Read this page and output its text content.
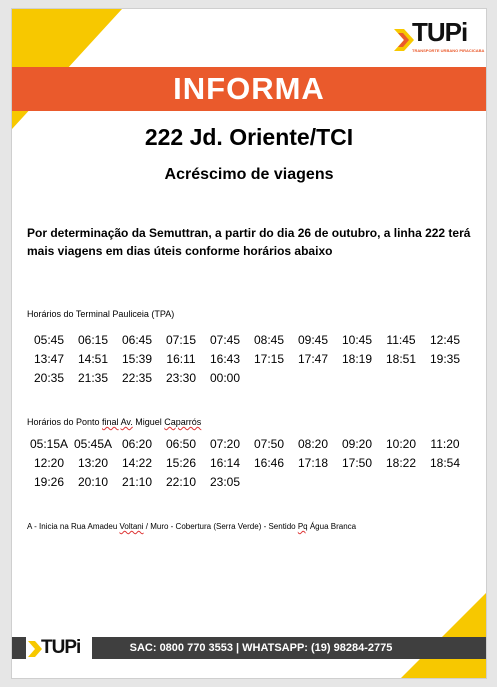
TUPi
TRANSPORTE URBANO PIRACICABA
INFORMA
222 Jd. Oriente/TCI
Acréscimo de viagens
Por determinação da Semuttran, a partir do dia 26 de outubro, a linha 222 terá mais viagens em dias úteis conforme horários abaixo
Horários do Terminal Pauliceia (TPA)
05:45	06:15	06:45	07:15	07:45	08:45	09:45	10:45	11:45	12:45
13:47	14:51	15:39	16:11	16:43	17:15	17:47	18:19	18:51	19:35
20:35	21:35	22:35	23:30	00:00
Horários do Ponto final Av. Miguel Caparrós
05:15A 05:45A 06:20	06:50	07:20	07:50	08:20	09:20	10:20	11:20
12:20	13:20	14:22	15:26	16:14	16:46	17:18	17:50	18:22	18:54
19:26	20:10	21:10	22:10	23:05
A - Inicia na Rua Amadeu Voltani / Muro - Cobertura (Serra Verde) - Sentido Pq Água Branca
TUPi	SAC: 0800 770 3553 | WHATSAPP: (19) 98284-2775
